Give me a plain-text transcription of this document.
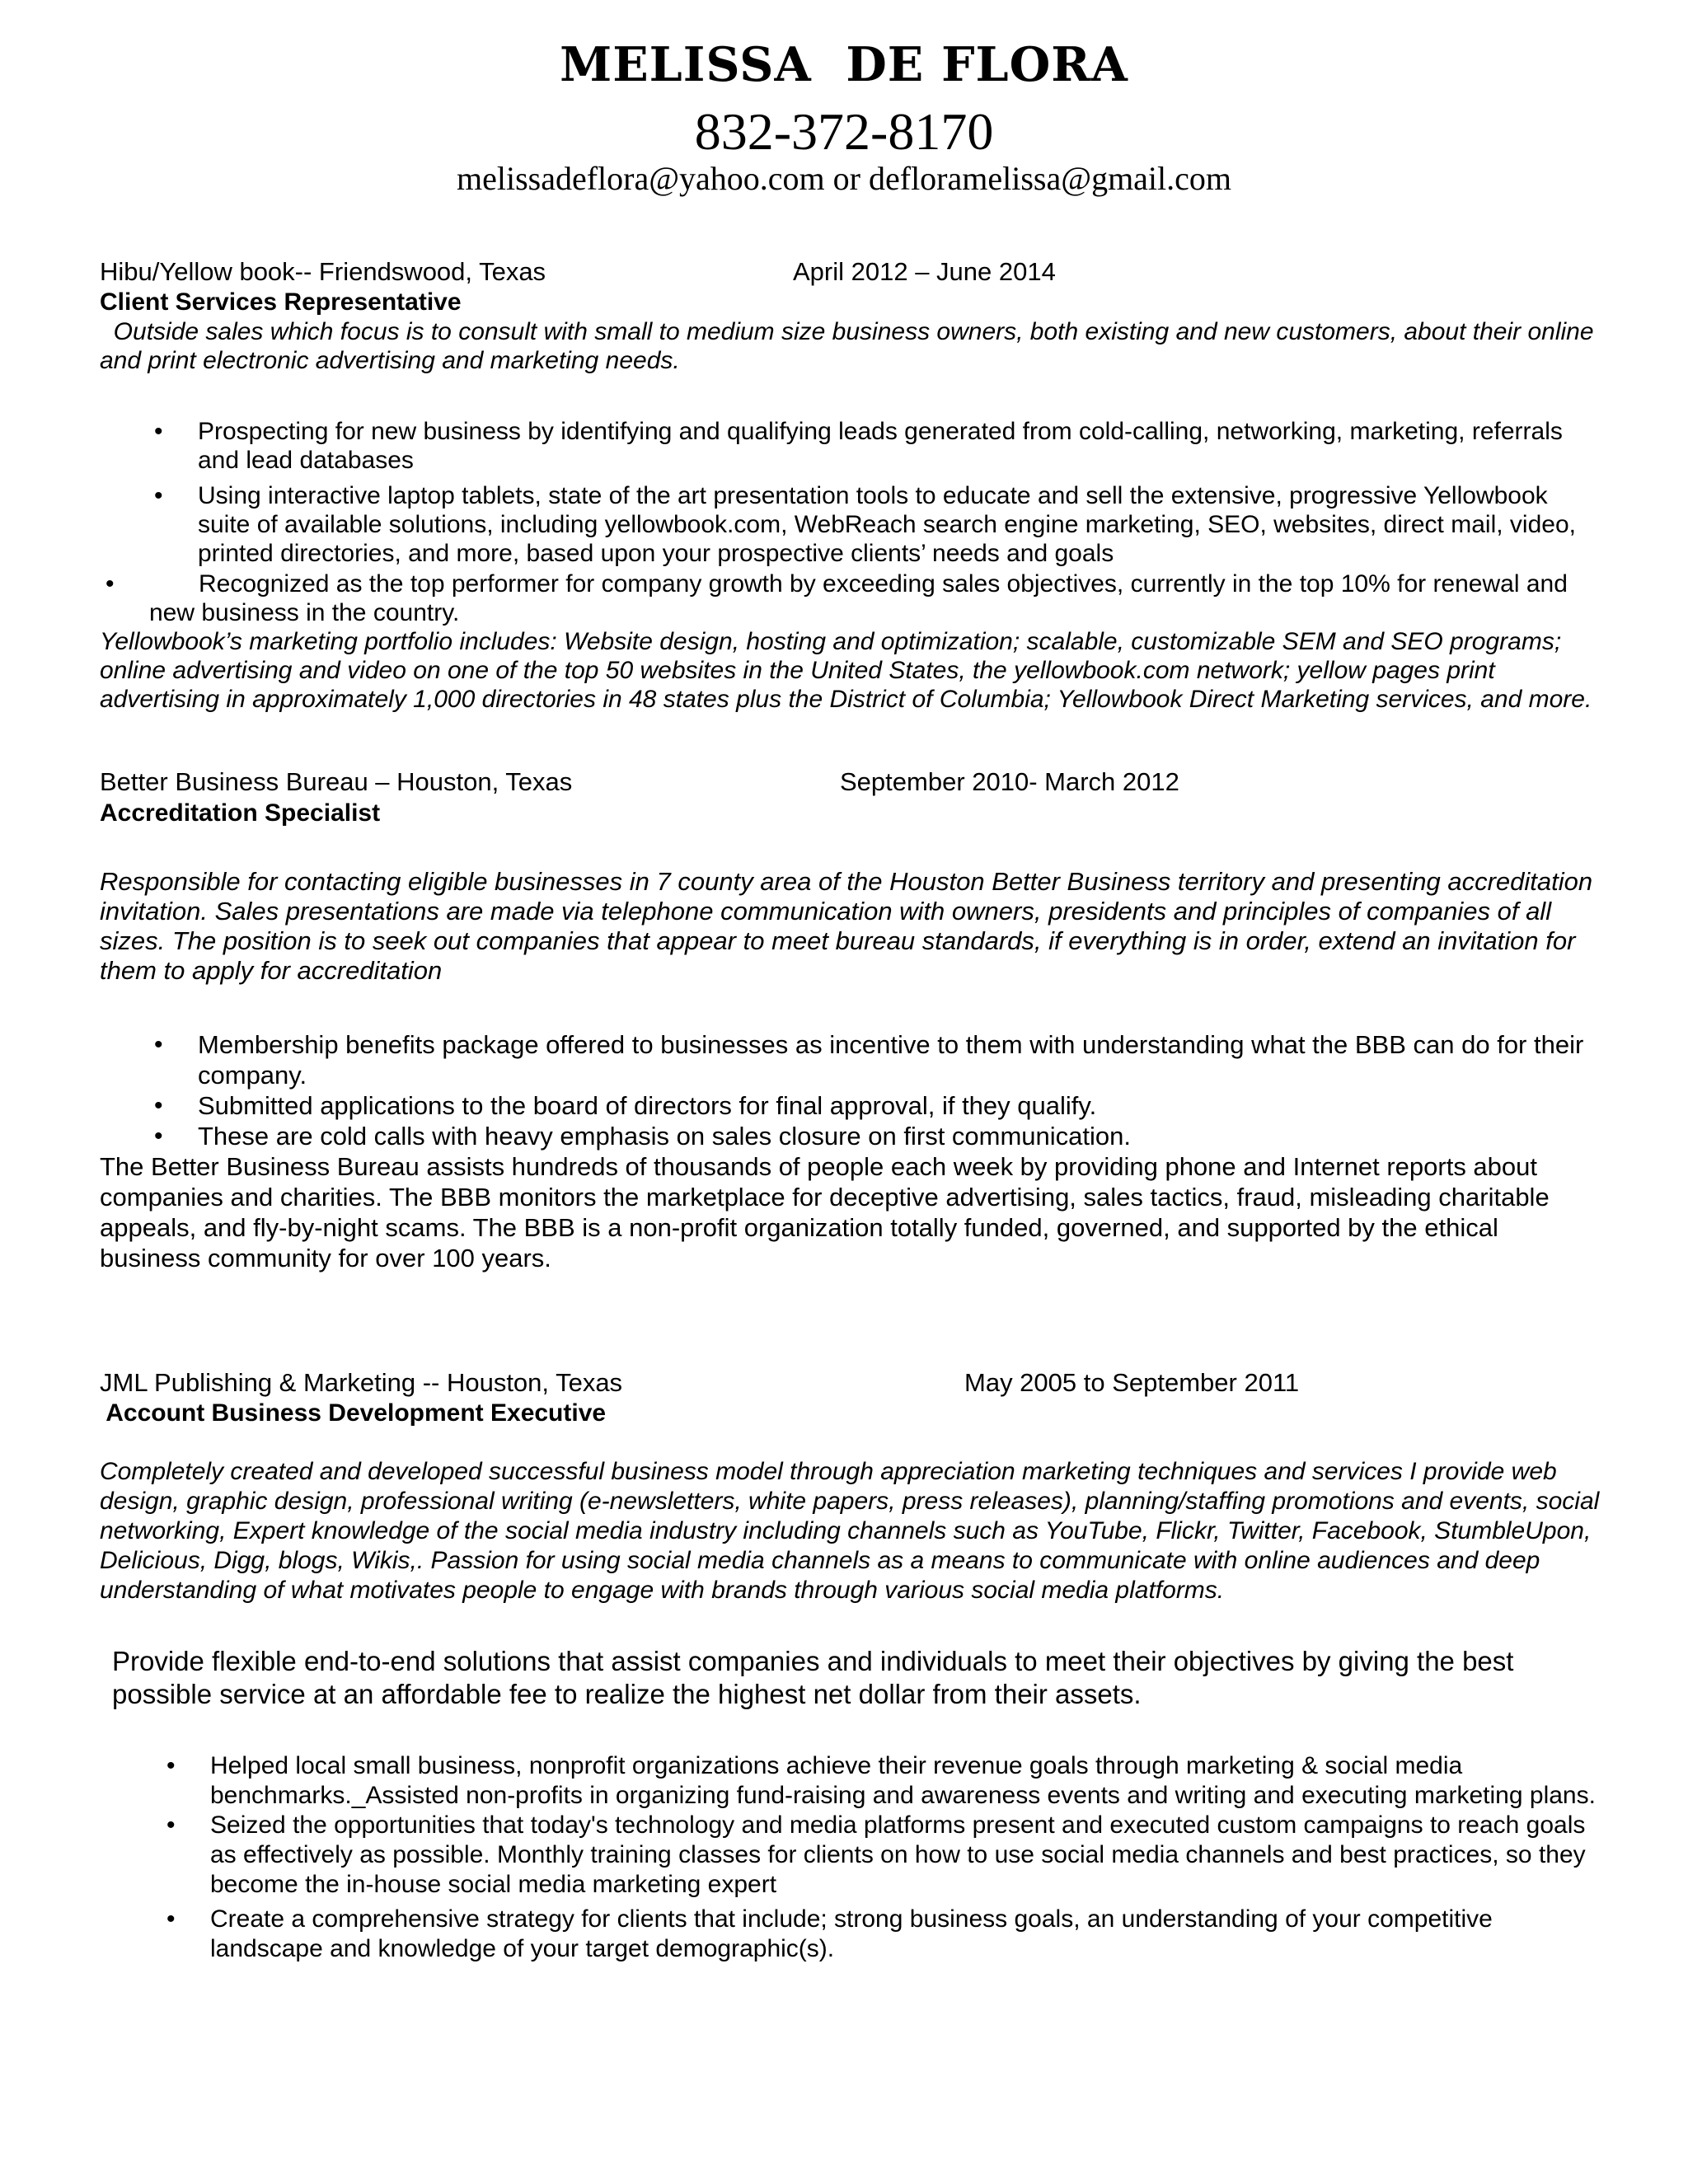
MELISSA  DE FLORA
832-372-8170
melissadeflora@yahoo.com or defloramelissa@gmail.com
Hibu/Yellow book-- Friendswood, Texas	April 2012 – June 2014
Client Services Representative

Outside sales which focus is to consult with small to medium size business owners, both existing and new customers, about their online and print electronic advertising and marketing needs.

• Prospecting for new business by identifying and qualifying leads generated from cold-calling, networking, marketing, referrals and lead databases
• Using interactive laptop tablets, state of the art presentation tools to educate and sell the extensive, progressive Yellowbook suite of available solutions, including yellowbook.com, WebReach search engine marketing, SEO, websites, direct mail, video, printed directories, and more, based upon your prospective clients’ needs and goals
•	Recognized as the top performer for company growth by exceeding sales objectives, currently in the top 10% for renewal and new business in the country.

Yellowbook’s marketing portfolio includes: Website design, hosting and optimization; scalable, customizable SEM and SEO programs; online advertising and video on one of the top 50 websites in the United States, the yellowbook.com network; yellow pages print advertising in approximately 1,000 directories in 48 states plus the District of Columbia; Yellowbook Direct Marketing services, and more.

Better Business Bureau – Houston, Texas	September 2010- March 2012
Accreditation Specialist

Responsible for contacting eligible businesses in 7 county area of the Houston Better Business territory and presenting accreditation invitation. Sales presentations are made via telephone communication with owners, presidents and principles of companies of all sizes. The position is to seek out companies that appear to meet bureau standards, if everything is in order, extend an invitation for them to apply for accreditation

• Membership benefits package offered to businesses as incentive to them with understanding what the BBB can do for their company.
• Submitted applications to the board of directors for final approval, if they qualify.
• These are cold calls with heavy emphasis on sales closure on first communication.

The Better Business Bureau assists hundreds of thousands of people each week by providing phone and Internet reports about companies and charities. The BBB monitors the marketplace for deceptive advertising, sales tactics, fraud, misleading charitable appeals, and fly-by-night scams. The BBB is a non-profit organization totally funded, governed, and supported by the ethical business community for over 100 years.

JML Publishing & Marketing -- Houston, Texas	May 2005 to September 2011
Account Business Development Executive

Completely created and developed successful business model through appreciation marketing techniques and services I provide web design, graphic design, professional writing (e-newsletters, white papers, press releases), planning/staffing promotions and events, social networking, Expert knowledge of the social media industry including channels such as YouTube, Flickr, Twitter, Facebook, StumbleUpon, Delicious, Digg, blogs, Wikis,. Passion for using social media channels as a means to communicate with online audiences and deep understanding of what motivates people to engage with brands through various social media platforms.

Provide flexible end-to-end solutions that assist companies and individuals to meet their objectives by giving the best possible service at an affordable fee to realize the highest net dollar from their assets.

• Helped local small business, nonprofit organizations achieve their revenue goals through marketing & social media benchmarks._Assisted non-profits in organizing fund-raising and awareness events and writing and executing marketing plans.
• Seized the opportunities that today's technology and media platforms present and executed custom campaigns to reach goals as effectively as possible. Monthly training classes for clients on how to use social media channels and best practices, so they become the in-house social media marketing expert
• Create a comprehensive strategy for clients that include; strong business goals, an understanding of your competitive landscape and knowledge of your target demographic(s).
